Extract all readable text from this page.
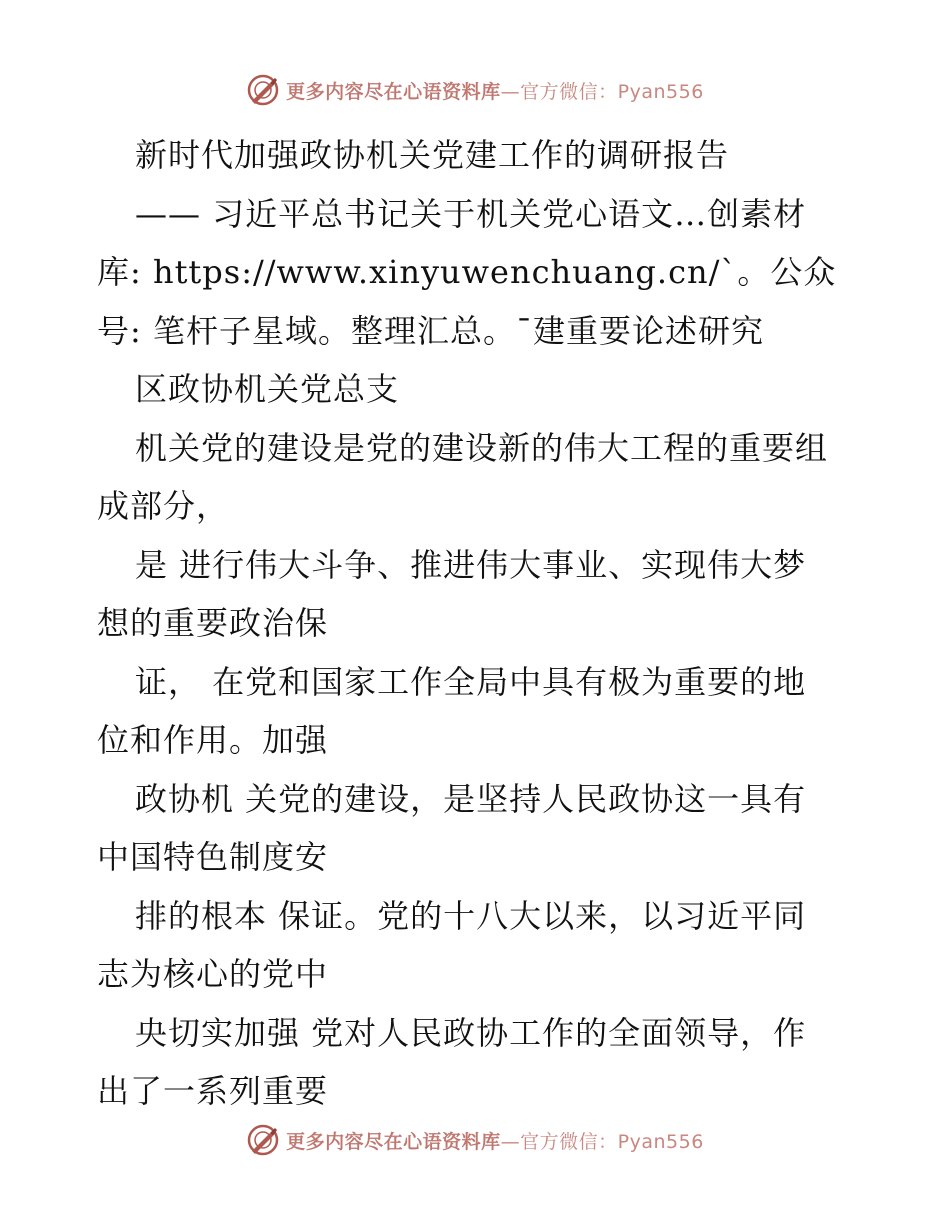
更多内容尽在心语资料库—官方微信：Pyan556
新时代加强政协机关党建工作的调研报告
—— 习近平总书记关于机关党心语文…创素材
库: https://www.xinyuwenchuang.cn/`。公众
号: 笔杆子星域。整理汇总。¯建重要论述研究
区政协机关党总支
机关党的建设是党的建设新的伟大工程的重要组
成部分，
是 进行伟大斗争、推进伟大事业、实现伟大梦
想的重要政治保
证， 在党和国家工作全局中具有极为重要的地
位和作用。加强
政协机 关党的建设，是坚持人民政协这一具有
中国特色制度安
排的根本 保证。党的十八大以来，以习近平同
志为核心的党中
央切实加强 党对人民政协工作的全面领导，作
出了一系列重要
更多内容尽在心语资料库—官方微信：Pyan556
